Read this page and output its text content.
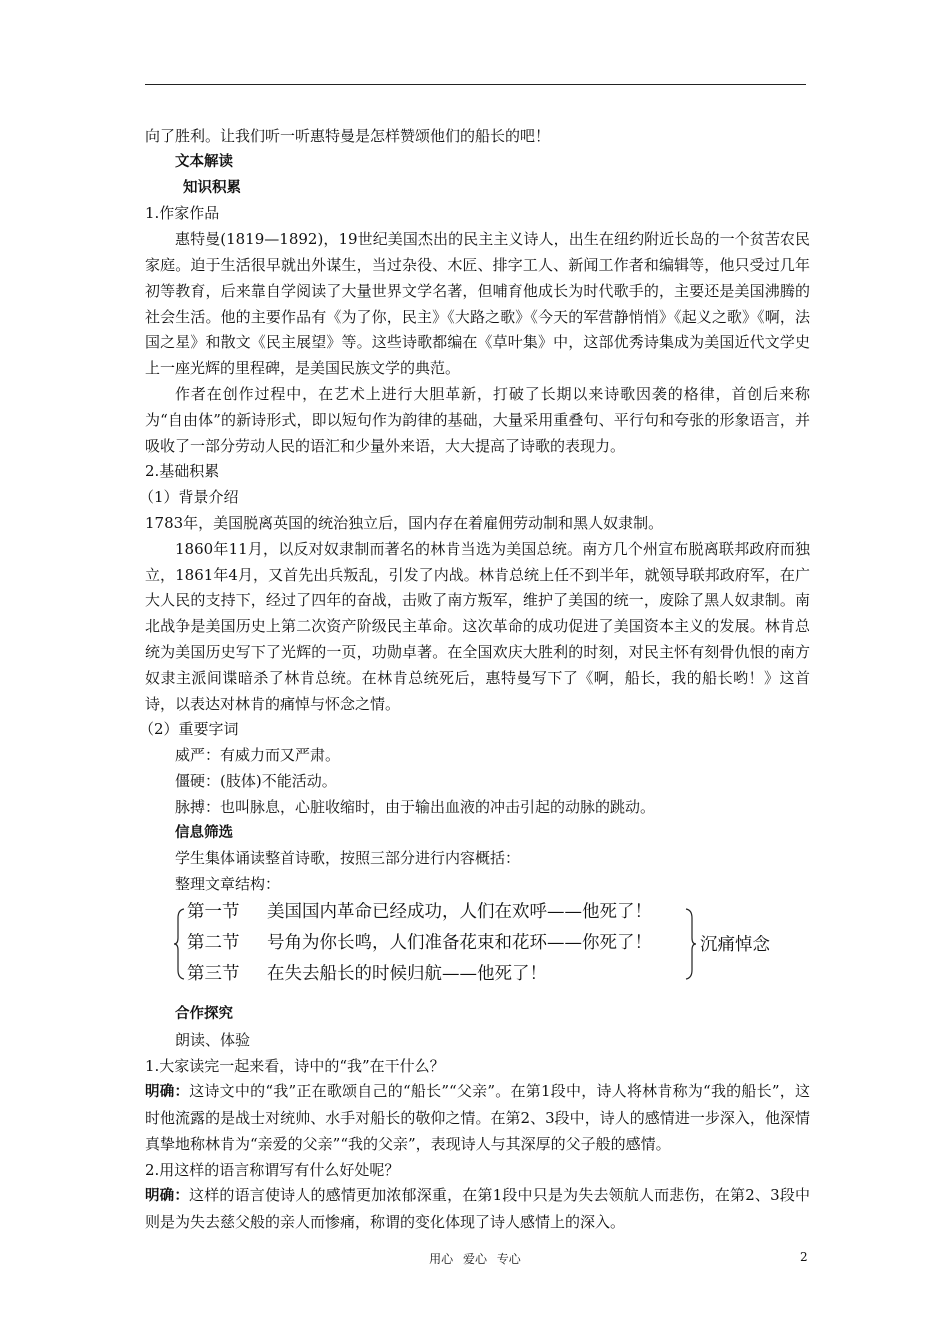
向了胜利。让我们听一听惠特曼是怎样赞颂他们的船长的吧！

文本解读

知识积累

1.作家作品

惠特曼(1819—1892)，19世纪美国杰出的民主主义诗人，出生在纽约附近长岛的一个贫苦农民家庭。迫于生活很早就出外谋生，当过杂役、木匠、排字工人、新闻工作者和编辑等，他只受过几年初等教育，后来靠自学阅读了大量世界文学名著，但哺育他成长为时代歌手的，主要还是美国沸腾的社会生活。他的主要作品有《为了你，民主》《大路之歌》《今天的军营静悄悄》《起义之歌》《啊，法国之星》和散文《民主展望》等。这些诗歌都编在《草叶集》中，这部优秀诗集成为美国近代文学史上一座光辉的里程碑，是美国民族文学的典范。

作者在创作过程中，在艺术上进行大胆革新，打破了长期以来诗歌因袭的格律，首创后来称为“自由体”的新诗形式，即以短句作为韵律的基础，大量采用重叠句、平行句和夸张的形象语言，并吸收了一部分劳动人民的语汇和少量外来语，大大提高了诗歌的表现力。

2.基础积累

（1）背景介绍

1783年，美国脱离英国的统治独立后，国内存在着雇佣劳动制和黑人奴隶制。

1860年11月，以反对奴隶制而著名的林肯当选为美国总统。南方几个州宣布脱离联邦政府而独立，1861年4月，又首先出兵叛乱，引发了内战。林肯总统上任不到半年，就领导联邦政府军，在广大人民的支持下，经过了四年的奋战，击败了南方叛军，维护了美国的统一，废除了黑人奴隶制。南北战争是美国历史上第二次资产阶级民主革命。这次革命的成功促进了美国资本主义的发展。林肯总统为美国历史写下了光辉的一页，功勋卓著。在全国欢庆大胜利的时刻，对民主怀有刻骨仇恨的南方奴隶主派间谍暗杀了林肯总统。在林肯总统死后，惠特曼写下了《啊，船长，我的船长哟！》这首诗，以表达对林肯的痛悼与怀念之情。

（2）重要字词

威严：有威力而又严肃。

僵硬：(肢体)不能活动。

脉搏：也叫脉息，心脏收缩时，由于输出血液的冲击引起的动脉的跳动。

信息筛选

学生集体诵读整首诗歌，按照三部分进行内容概括：

整理文章结构：

第一节 美国国内革命已经成功，人们在欢呼——他死了！
第二节 号角为你长鸣，人们准备花束和花环——你死了！
第三节 在失去船长的时候归航——他死了！
沉痛悼念

合作探究

朗读、体验

1.大家读完一起来看，诗中的“我”在干什么？

明确：这诗文中的“我”正在歌颂自己的“船长”“父亲”。在第1段中，诗人将林肯称为“我的船长”，这时他流露的是战士对统帅、水手对船长的敬仰之情。在第2、3段中，诗人的感情进一步深入，他深情真挚地称林肯为“亲爱的父亲”“我的父亲”，表现诗人与其深厚的父子般的感情。

2.用这样的语言称谓写有什么好处呢？

明确：这样的语言使诗人的感情更加浓郁深重，在第1段中只是为失去领航人而悲伤，在第2、3段中则是为失去慈父般的亲人而惨痛，称谓的变化体现了诗人感情上的深入。

用心 爱心 专心	2
